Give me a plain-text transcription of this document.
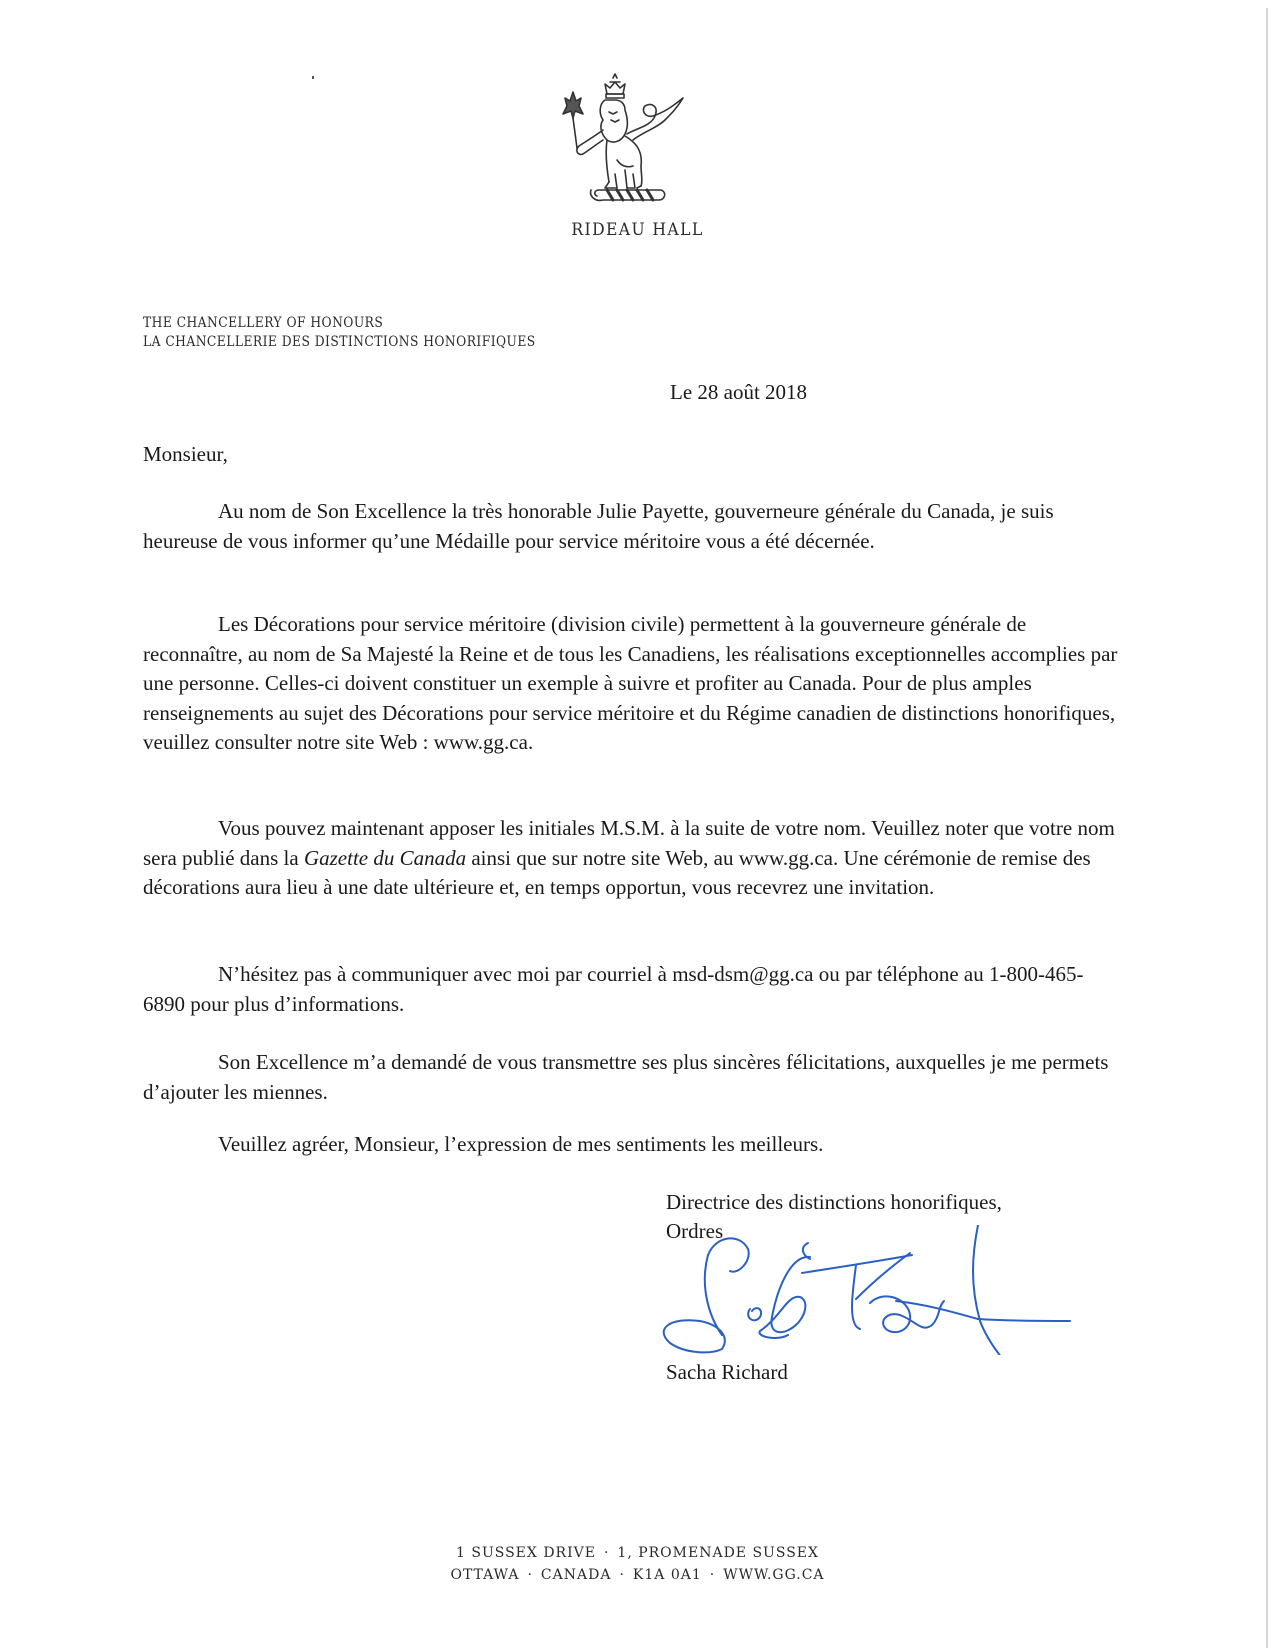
RIDEAU HALL
THE CHANCELLERY OF HONOURS
LA CHANCELLERIE DES DISTINCTIONS HONORIFIQUES
Le 28 août 2018
Monsieur,

Au nom de Son Excellence la très honorable Julie Payette, gouverneure générale du Canada, je suis heureuse de vous informer qu’une Médaille pour service méritoire vous a été décernée.

Les Décorations pour service méritoire (division civile) permettent à la gouverneure générale de reconnaître, au nom de Sa Majesté la Reine et de tous les Canadiens, les réalisations exceptionnelles accomplies par une personne. Celles-ci doivent constituer un exemple à suivre et profiter au Canada. Pour de plus amples renseignements au sujet des Décorations pour service méritoire et du Régime canadien de distinctions honorifiques, veuillez consulter notre site Web : www.gg.ca.

Vous pouvez maintenant apposer les initiales M.S.M. à la suite de votre nom. Veuillez noter que votre nom sera publié dans la Gazette du Canada ainsi que sur notre site Web, au www.gg.ca. Une cérémonie de remise des décorations aura lieu à une date ultérieure et, en temps opportun, vous recevrez une invitation.

N’hésitez pas à communiquer avec moi par courriel à msd-dsm@gg.ca ou par téléphone au 1-800-465-6890 pour plus d’informations.

Son Excellence m’a demandé de vous transmettre ses plus sincères félicitations, auxquelles je me permets d’ajouter les miennes.

Veuillez agréer, Monsieur, l’expression de mes sentiments les meilleurs.
Directrice des distinctions honorifiques,
Ordres
Sacha Richard
1 SUSSEX DRIVE · 1, PROMENADE SUSSEX
OTTAWA · CANADA · K1A 0A1 · WWW.GG.CA
